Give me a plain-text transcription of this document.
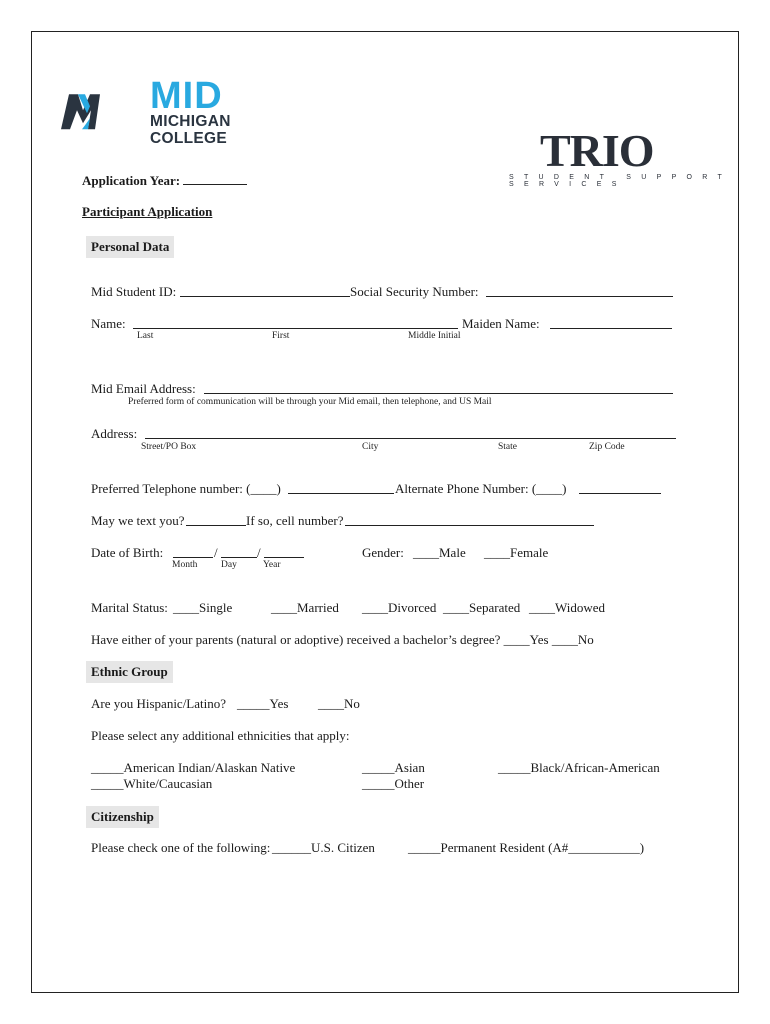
MID
MICHIGAN
COLLEGE	TRIO
STUDENT SUPPORT SERVICES
Application Year:
Participant Application
Personal Data
Mid Student ID:	Social Security Number:
Name:	Maiden Name:
Last	First	Middle Initial
Mid Email Address:
Preferred form of communication will be through your Mid email, then telephone, and US Mail
Address:
Street/PO Box	City	State	Zip Code
Preferred Telephone number: (____)	Alternate Phone Number: (____)
May we text you?	If so, cell number?
Date of Birth:	/	/
Month Day	Year
Gender: ____Male ____Female
Marital Status: ____Single	____Married ____Divorced ____Separated ____Widowed
Have either of your parents (natural or adoptive) received a bachelor’s degree? ____Yes ____No
Ethnic Group
Are you Hispanic/Latino? _____Yes ____No
Please select any additional ethnicities that apply:
_____American Indian/Alaskan Native	_____Asian	_____Black/African-American
_____White/Caucasian	_____Other
Citizenship
Please check one of the following: ______U.S. Citizen	_____Permanent Resident (A#___________)
